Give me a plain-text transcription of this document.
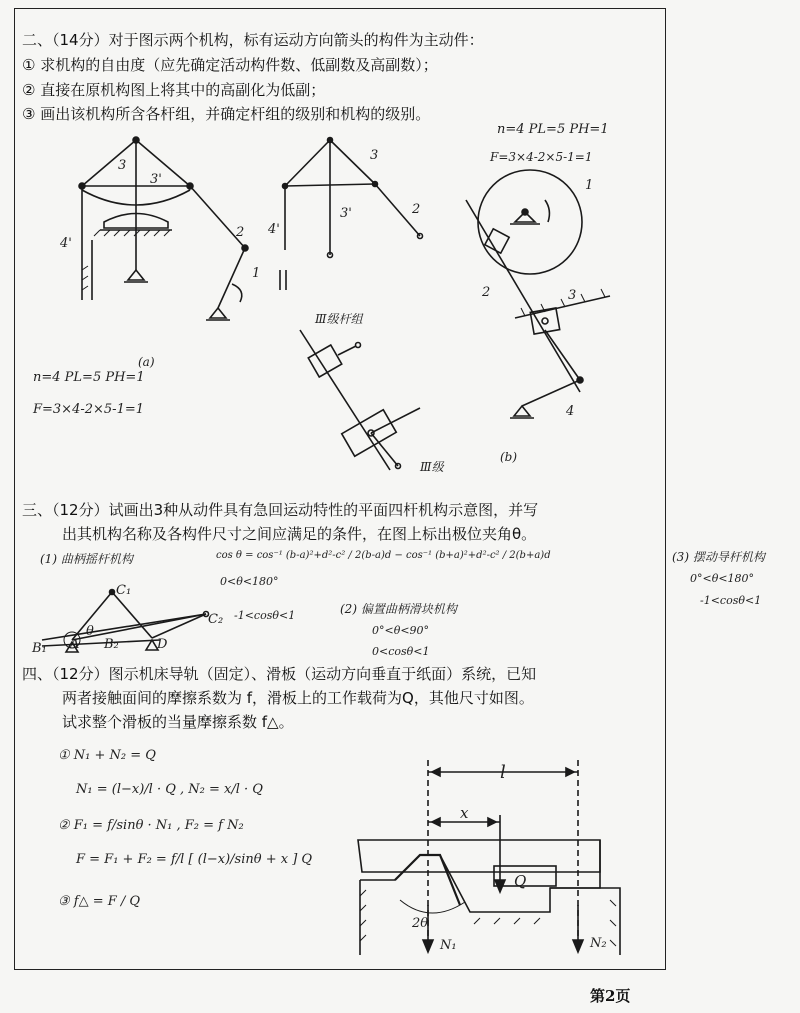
二、（14分）对于图示两个机构，标有运动方向箭头的构件为主动件：
① 求机构的自由度（应先确定活动构件数、低副数及高副数）；
② 直接在原机构图上将其中的高副化为低副；
③ 画出该机构所含各杆组，并确定杆组的级别和机构的级别。
n=4 PL=5 PH=1
F=3×4-2×5-1=1
n=4 PL=5 PH=1
F=3×4-2×5-1=1
(a)
(b)
Ⅲ级杆组
Ⅲ级
3
3'
2
1
4'
3
3'	2
4'
1
2	3
4
三、（12分）试画出3种从动件具有急回运动特性的平面四杆机构示意图，并写
出其机构名称及各构件尺寸之间应满足的条件，在图上标出极位夹角θ。
(1) 曲柄摇杆机构	cos θ = cos⁻¹ (b-a)²+d²-c² / 2(b-a)d − cos⁻¹ (b+a)²+d²-c² / 2(b+a)d
0<θ<180°
-1<cosθ<1	(2) 偏置曲柄滑块机构
0°<θ<90°
0<cosθ<1
(3) 摆动导杆机构
0°<θ<180°
-1<cosθ<1
C₁
C₂
B₁	B₂
A	D
θ
四、（12分）图示机床导轨（固定）、滑板（运动方向垂直于纸面）系统，已知
两者接触面间的摩擦系数为 f，滑板上的工作载荷为Q，其他尺寸如图。
试求整个滑板的当量摩擦系数 f△。
① N₁ + N₂ = Q
N₁ = (l−x)/l · Q , N₂ = x/l · Q
② F₁ = f/sinθ · N₁ , F₂ = f N₂
F = F₁ + F₂ = f/l [ (l−x)/sinθ + x ] Q
③ f△ = F / Q
l
x
Q
2θ
N₁	N₂
第2页
